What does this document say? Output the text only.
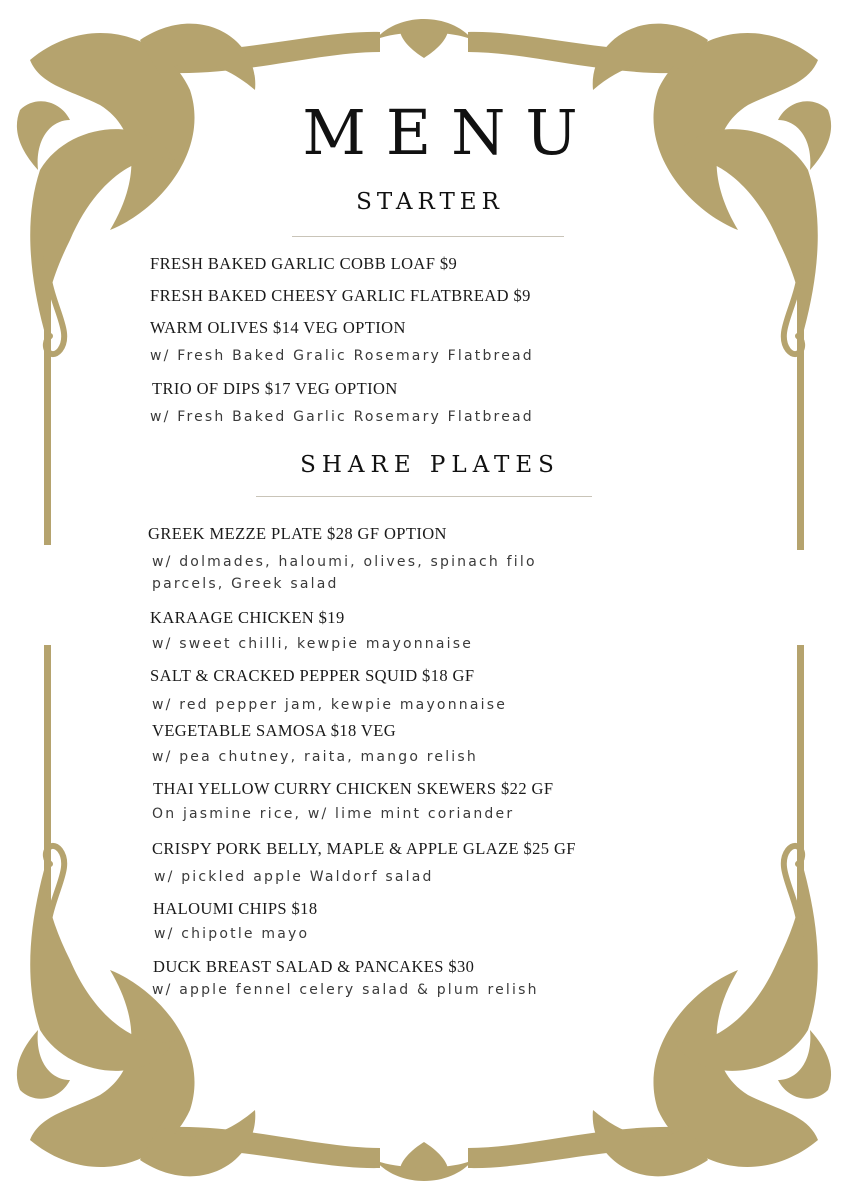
MENU
STARTER
FRESH BAKED GARLIC COBB LOAF $9
FRESH BAKED CHEESY GARLIC FLATBREAD $9
WARM OLIVES $14 VEG OPTION
w/ Fresh Baked Gralic Rosemary Flatbread
TRIO OF DIPS $17 VEG OPTION
w/ Fresh Baked Garlic Rosemary Flatbread
SHARE PLATES
GREEK MEZZE PLATE $28 GF OPTION
w/ dolmades, haloumi, olives, spinach filo
parcels, Greek salad
KARAAGE CHICKEN $19
w/ sweet chilli, kewpie mayonnaise
SALT & CRACKED PEPPER SQUID $18 GF
w/ red pepper jam, kewpie mayonnaise
VEGETABLE SAMOSA $18 VEG
w/ pea chutney, raita, mango relish
THAI YELLOW CURRY CHICKEN SKEWERS $22 GF
On jasmine rice, w/ lime mint coriander
CRISPY PORK BELLY, MAPLE & APPLE GLAZE $25 GF
w/ pickled apple Waldorf salad
HALOUMI CHIPS $18
w/ chipotle mayo
DUCK BREAST SALAD & PANCAKES $30
w/ apple fennel celery salad & plum relish
